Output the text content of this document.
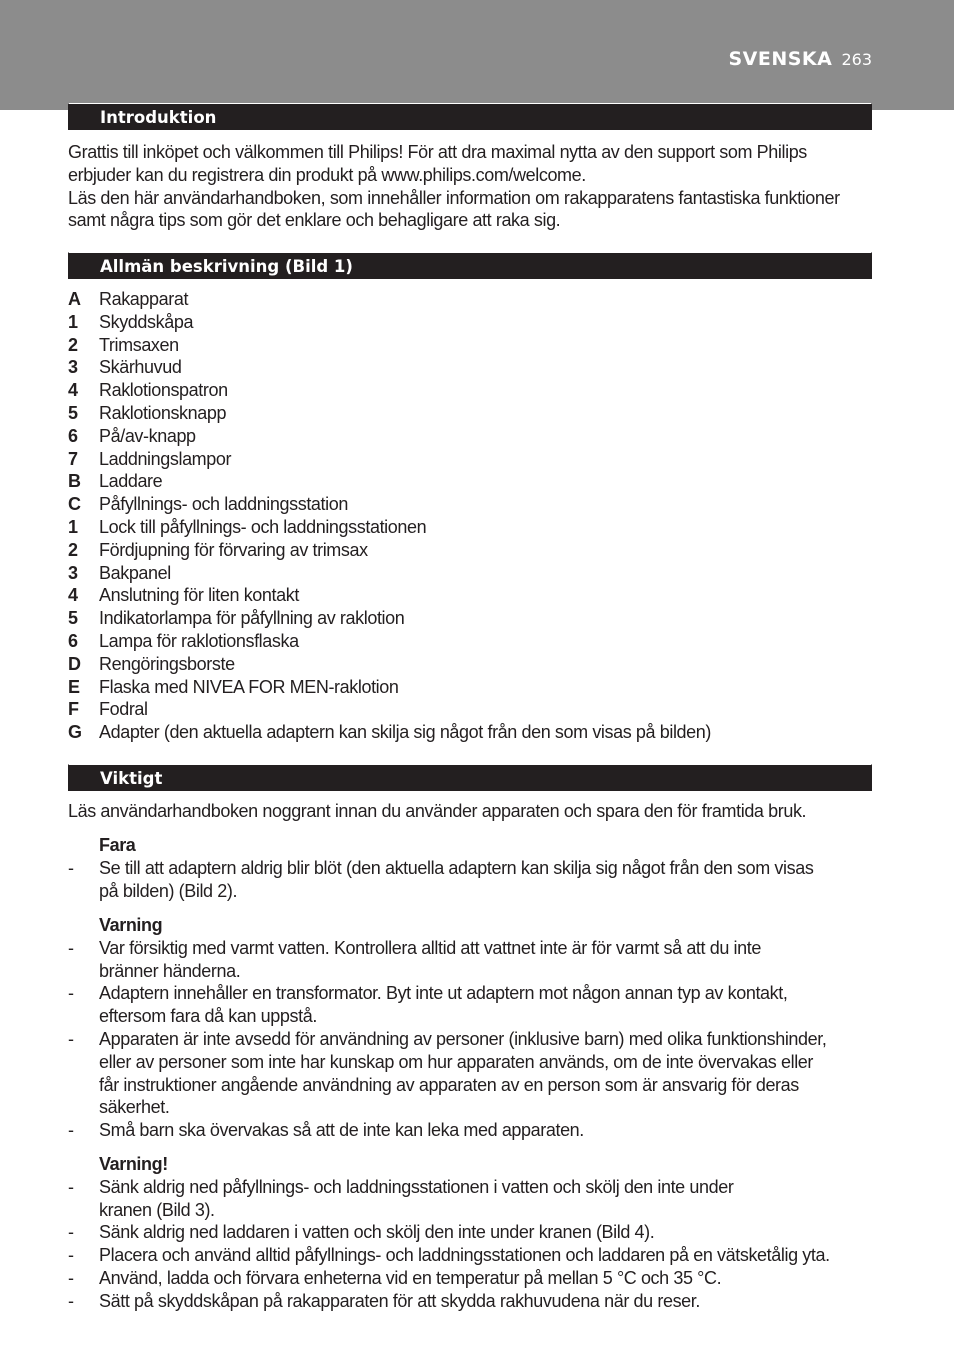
SVENSKA 263
Introduktion
Grattis till inköpet och välkommen till Philips! För att dra maximal nytta av den support som Philips
erbjuder kan du registrera din produkt på www.philips.com/welcome.
Läs den här användarhandboken, som innehåller information om rakapparatens fantastiska funktioner
samt några tips som gör det enklare och behagligare att raka sig.
Allmän beskrivning (Bild 1)
A	Rakapparat
1	Skyddskåpa
2	Trimsaxen
3	Skärhuvud
4	Raklotionspatron
5	Raklotionsknapp
6	På/av-knapp
7	Laddningslampor
B	Laddare
C	Påfyllnings- och laddningsstation
1	Lock till påfyllnings- och laddningsstationen
2	Fördjupning för förvaring av trimsax
3	Bakpanel
4	Anslutning för liten kontakt
5	Indikatorlampa för påfyllning av raklotion
6	Lampa för raklotionsflaska
D	Rengöringsborste
E	Flaska med NIVEA FOR MEN-raklotion
F	Fodral
G Adapter (den aktuella adaptern kan skilja sig något från den som visas på bilden)
Viktigt
Läs användarhandboken noggrant innan du använder apparaten och spara den för framtida bruk.
Fara
- Se till att adaptern aldrig blir blöt (den aktuella adaptern kan skilja sig något från den som visas
på bilden) (Bild 2).
Varning
- Var försiktig med varmt vatten. Kontrollera alltid att vattnet inte är för varmt så att du inte
bränner händerna.
- Adaptern innehåller en transformator. Byt inte ut adaptern mot någon annan typ av kontakt,
eftersom fara då kan uppstå.
- Apparaten är inte avsedd för användning av personer (inklusive barn) med olika funktionshinder,
eller av personer som inte har kunskap om hur apparaten används, om de inte övervakas eller
får instruktioner angående användning av apparaten av en person som är ansvarig för deras
säkerhet.
- Små barn ska övervakas så att de inte kan leka med apparaten.
Varning!
- Sänk aldrig ned påfyllnings- och laddningsstationen i vatten och skölj den inte under
kranen (Bild 3).
- Sänk aldrig ned laddaren i vatten och skölj den inte under kranen (Bild 4).
- Placera och använd alltid påfyllnings- och laddningsstationen och laddaren på en vätsketålig yta.
- Använd, ladda och förvara enheterna vid en temperatur på mellan 5 °C och 35 °C.
- Sätt på skyddskåpan på rakapparaten för att skydda rakhuvudena när du reser.
